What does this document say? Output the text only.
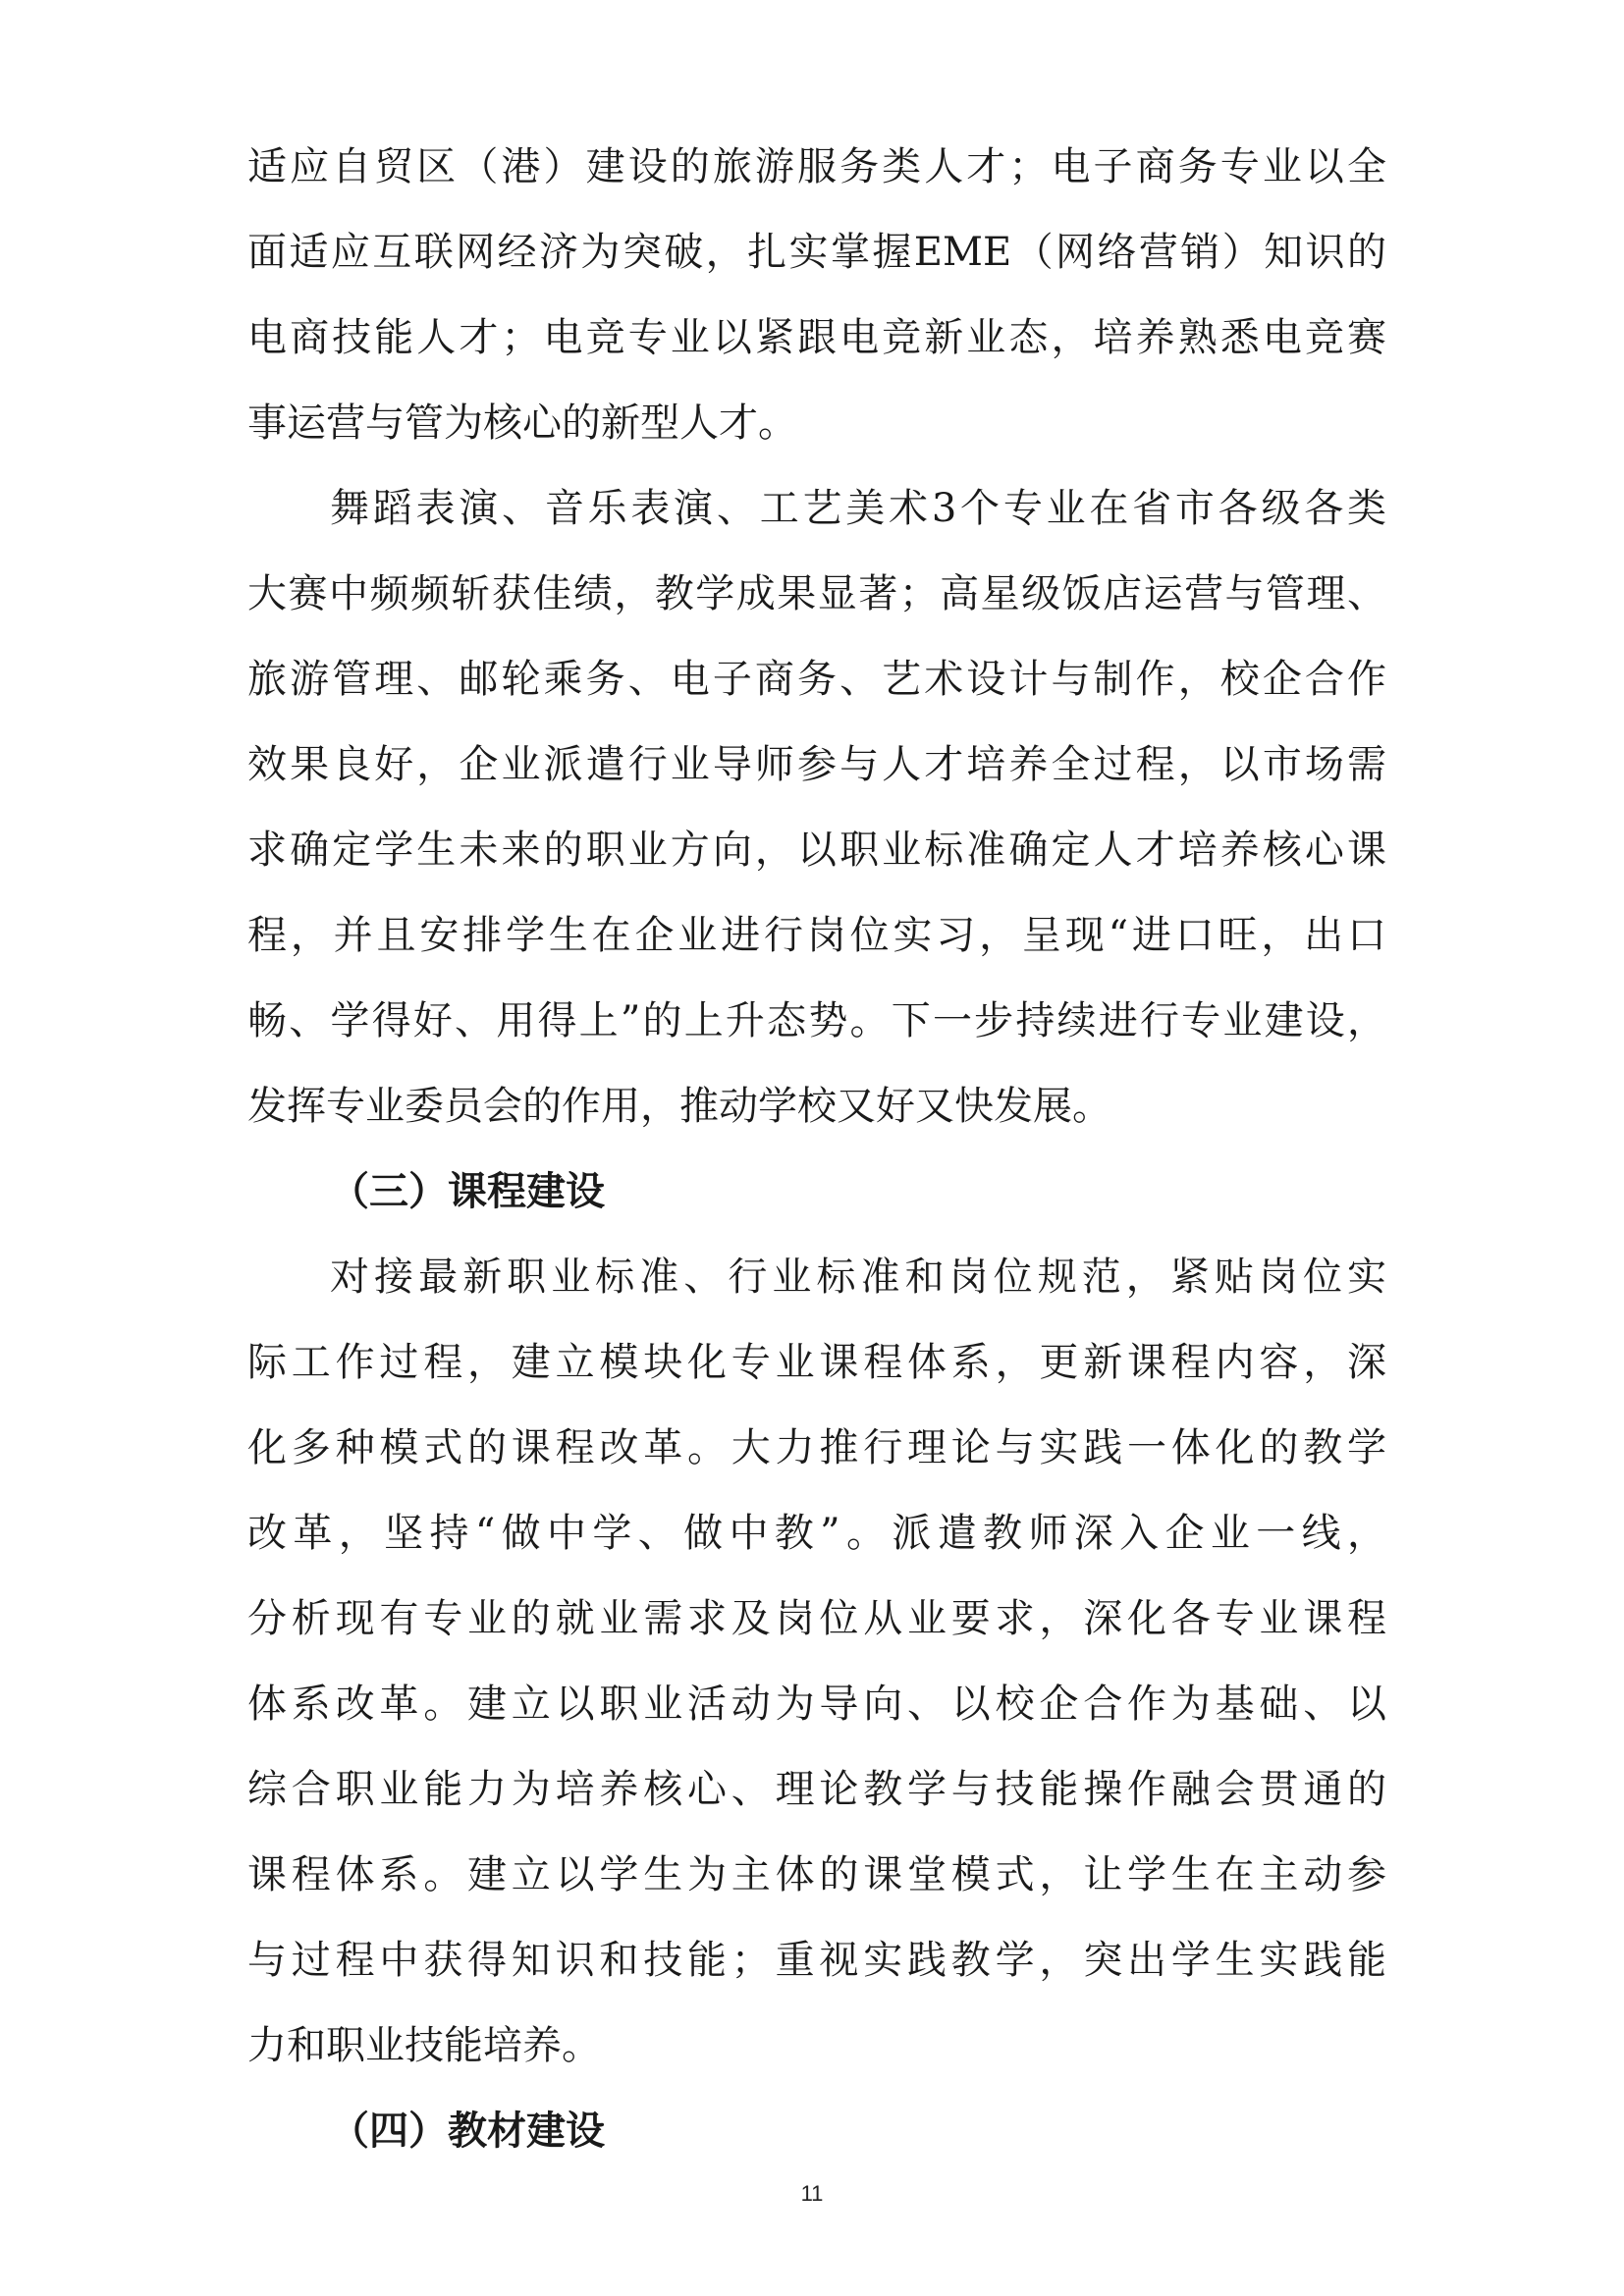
适应自贸区（港）建设的旅游服务类人才；电子商务专业以全
面适应互联网经济为突破，扎实掌握EME（网络营销）知识的
电商技能人才；电竞专业以紧跟电竞新业态，培养熟悉电竞赛
事运营与管为核心的新型人才。
舞蹈表演、音乐表演、工艺美术3个专业在省市各级各类
大赛中频频斩获佳绩，教学成果显著；高星级饭店运营与管理、
旅游管理、邮轮乘务、电子商务、艺术设计与制作，校企合作
效果良好，企业派遣行业导师参与人才培养全过程，以市场需
求确定学生未来的职业方向，以职业标准确定人才培养核心课
程，并且安排学生在企业进行岗位实习，呈现“进口旺，出口
畅、学得好、用得上”的上升态势。下一步持续进行专业建设，
发挥专业委员会的作用，推动学校又好又快发展。
（三）课程建设
对接最新职业标准、行业标准和岗位规范，紧贴岗位实
际工作过程，建立模块化专业课程体系，更新课程内容，深
化多种模式的课程改革。大力推行理论与实践一体化的教学
改革，坚持“做中学、做中教”。派遣教师深入企业一线，
分析现有专业的就业需求及岗位从业要求，深化各专业课程
体系改革。建立以职业活动为导向、以校企合作为基础、以
综合职业能力为培养核心、理论教学与技能操作融会贯通的
课程体系。建立以学生为主体的课堂模式，让学生在主动参
与过程中获得知识和技能；重视实践教学，突出学生实践能
力和职业技能培养。
（四）教材建设
11
